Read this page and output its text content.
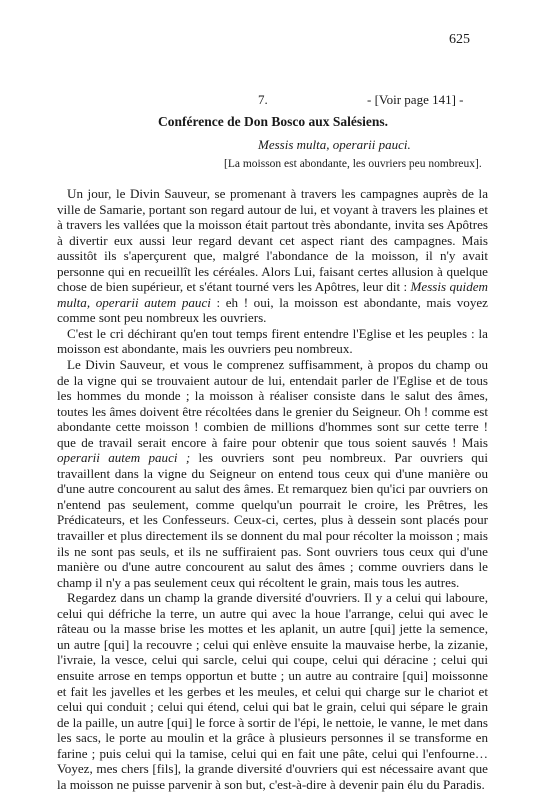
625
7.	- [Voir page 141] -
Conférence de Don Bosco aux Salésiens.
Messis multa, operarii pauci.
[La moisson est abondante, les ouvriers peu nombreux].

Un jour, le Divin Sauveur, se promenant à travers les campagnes auprès de la ville de Samarie, portant son regard autour de lui, et voyant à travers les plaines et à travers les vallées que la moisson était partout très abondante, invita ses Apôtres à divertir eux aussi leur regard devant cet aspect riant des campagnes. Mais aussitôt ils s'aperçurent que, malgré l'abondance de la moisson, il n'y avait personne qui en recueillît les céréales. Alors Lui, faisant certes allusion à quelque chose de bien supérieur, et s'étant tourné vers les Apôtres, leur dit : Messis quidem multa, operarii autem pauci : eh ! oui, la moisson est abondante, mais voyez comme sont peu nombreux les ouvriers.

C'est le cri déchirant qu'en tout temps firent entendre l'Eglise et les peuples : la moisson est abondante, mais les ouvriers peu nombreux.

Le Divin Sauveur, et vous le comprenez suffisamment, à propos du champ ou de la vigne qui se trouvaient autour de lui, entendait parler de l'Eglise et de tous les hommes du monde ; la moisson à réaliser consiste dans le salut des âmes, toutes les âmes doivent être récoltées dans le grenier du Seigneur. Oh ! comme est abondante cette moisson ! combien de millions d'hommes sont sur cette terre ! que de travail serait encore à faire pour obtenir que tous soient sauvés ! Mais operarii autem pauci ; les ouvriers sont peu nombreux. Par ouvriers qui travaillent dans la vigne du Seigneur on entend tous ceux qui d'une manière ou d'une autre concourent au salut des âmes. Et remarquez bien qu'ici par ouvriers on n'entend pas seulement, comme quelqu'un pourrait le croire, les Prêtres, les Prédicateurs, et les Confesseurs. Ceux-ci, certes, plus à dessein sont placés pour travailler et plus directement ils se donnent du mal pour récolter la moisson ; mais ils ne sont pas seuls, et ils ne suffiraient pas. Sont ouvriers tous ceux qui d'une manière ou d'une autre concourent au salut des âmes ; comme ouvriers dans le champ il n'y a pas seulement ceux qui récoltent le grain, mais tous les autres.

Regardez dans un champ la grande diversité d'ouvriers. Il y a celui qui laboure, celui qui défriche la terre, un autre qui avec la houe l'arrange, celui qui avec le râteau ou la masse brise les mottes et les aplanit, un autre [qui] jette la semence, un autre [qui] la recouvre ; celui qui enlève ensuite la mauvaise herbe, la zizanie, l'ivraie, la vesce, celui qui sarcle, celui qui coupe, celui qui déracine ; celui qui ensuite arrose en temps opportun et butte ; un autre au contraire [qui] moissonne et fait les javelles et les gerbes et les meules, et celui qui charge sur le chariot et celui qui conduit ; celui qui étend, celui qui bat le grain, celui qui sépare le grain de la paille, un autre [qui] le force à sortir de l'épi, le nettoie, le vanne, le met dans les sacs, le porte au moulin et la grâce à plusieurs personnes il se transforme en farine ; puis celui qui la tamise, celui qui en fait une pâte, celui qui l'enfourne… Voyez, mes chers [fils], la grande diversité d'ouvriers qui est nécessaire avant que la moisson ne puisse parvenir à son but, c'est-à-dire à devenir pain élu du Paradis.
